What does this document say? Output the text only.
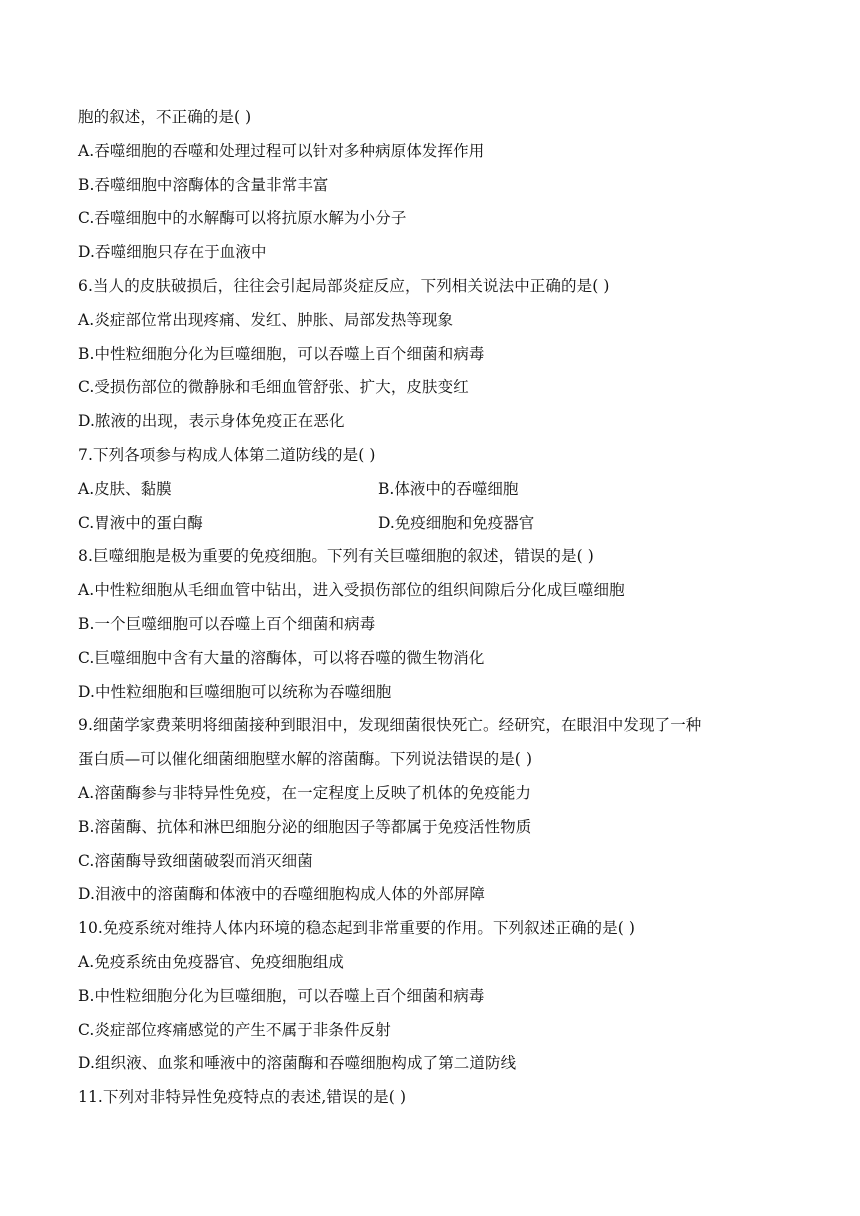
胞的叙述，不正确的是( )
A.吞噬细胞的吞噬和处理过程可以针对多种病原体发挥作用
B.吞噬细胞中溶酶体的含量非常丰富
C.吞噬细胞中的水解酶可以将抗原水解为小分子
D.吞噬细胞只存在于血液中
6.当人的皮肤破损后，往往会引起局部炎症反应，下列相关说法中正确的是( )
A.炎症部位常出现疼痛、发红、肿胀、局部发热等现象
B.中性粒细胞分化为巨噬细胞，可以吞噬上百个细菌和病毒
C.受损伤部位的微静脉和毛细血管舒张、扩大，皮肤变红
D.脓液的出现，表示身体免疫正在恶化
7.下列各项参与构成人体第二道防线的是( )
A.皮肤、黏膜	B.体液中的吞噬细胞
C.胃液中的蛋白酶	D.免疫细胞和免疫器官
8.巨噬细胞是极为重要的免疫细胞。下列有关巨噬细胞的叙述，错误的是( )
A.中性粒细胞从毛细血管中钻出，进入受损伤部位的组织间隙后分化成巨噬细胞
B.一个巨噬细胞可以吞噬上百个细菌和病毒
C.巨噬细胞中含有大量的溶酶体，可以将吞噬的微生物消化
D.中性粒细胞和巨噬细胞可以统称为吞噬细胞
9.细菌学家费莱明将细菌接种到眼泪中，发现细菌很快死亡。经研究，在眼泪中发现了一种
蛋白质—可以催化细菌细胞壁水解的溶菌酶。下列说法错误的是( )
A.溶菌酶参与非特异性免疫，在一定程度上反映了机体的免疫能力
B.溶菌酶、抗体和淋巴细胞分泌的细胞因子等都属于免疫活性物质
C.溶菌酶导致细菌破裂而消灭细菌
D.泪液中的溶菌酶和体液中的吞噬细胞构成人体的外部屏障
10.免疫系统对维持人体内环境的稳态起到非常重要的作用。下列叙述正确的是( )
A.免疫系统由免疫器官、免疫细胞组成
B.中性粒细胞分化为巨噬细胞，可以吞噬上百个细菌和病毒
C.炎症部位疼痛感觉的产生不属于非条件反射
D.组织液、血浆和唾液中的溶菌酶和吞噬细胞构成了第二道防线
11.下列对非特异性免疫特点的表述,错误的是( )
